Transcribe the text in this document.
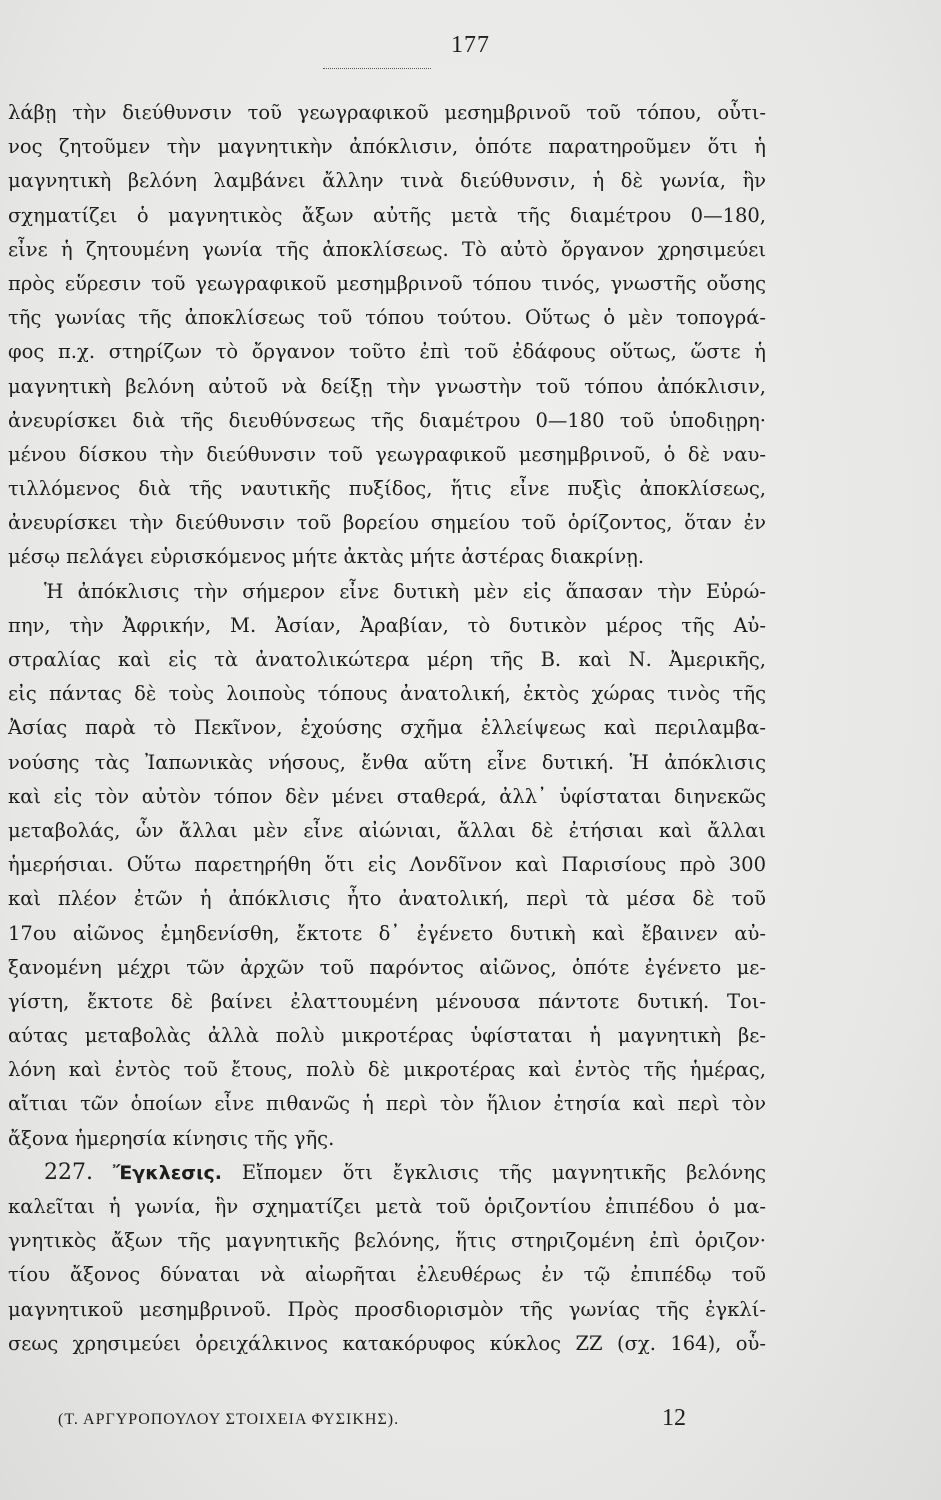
177
λάβῃ τὴν διεύθυνσιν τοῦ γεωγραφικοῦ μεσημβρινοῦ τοῦ τόπου, οὗτι-
νος ζητοῦμεν τὴν μαγνητικὴν ἀπόκλισιν, ὁπότε παρατηροῦμεν ὅτι ἡ
μαγνητικὴ βελόνη λαμβάνει ἄλλην τινὰ διεύθυνσιν, ἡ δὲ γωνία, ἣν
σχηματίζει ὁ μαγνητικὸς ἄξων αὐτῆς μετὰ τῆς διαμέτρου 0—180,
εἶνε ἡ ζητουμένη γωνία τῆς ἀποκλίσεως. Τὸ αὐτὸ ὄργανον χρησιμεύει
πρὸς εὕρεσιν τοῦ γεωγραφικοῦ μεσημβρινοῦ τόπου τινός, γνωστῆς οὔσης
τῆς γωνίας τῆς ἀποκλίσεως τοῦ τόπου τούτου. Οὕτως ὁ μὲν τοπογρά-
φος π.χ. στηρίζων τὸ ὄργανον τοῦτο ἐπὶ τοῦ ἐδάφους οὕτως, ὥστε ἡ
μαγνητικὴ βελόνη αὐτοῦ νὰ δείξῃ τὴν γνωστὴν τοῦ τόπου ἀπόκλισιν,
ἀνευρίσκει διὰ τῆς διευθύνσεως τῆς διαμέτρου 0—180 τοῦ ὑποδιῃρη·
μένου δίσκου τὴν διεύθυνσιν τοῦ γεωγραφικοῦ μεσημβρινοῦ, ὁ δὲ ναυ-
τιλλόμενος διὰ τῆς ναυτικῆς πυξίδος, ἥτις εἶνε πυξὶς ἀποκλίσεως,
ἀνευρίσκει τὴν διεύθυνσιν τοῦ βορείου σημείου τοῦ ὁρίζοντος, ὅταν ἐν
μέσῳ πελάγει εὑρισκόμενος μήτε ἀκτὰς μήτε ἀστέρας διακρίνῃ.
Ἡ ἀπόκλισις τὴν σήμερον εἶνε δυτικὴ μὲν εἰς ἅπασαν τὴν Εὐρώ-
πην, τὴν Ἀφρικήν, Μ. Ἀσίαν, Ἀραβίαν, τὸ δυτικὸν μέρος τῆς Αὐ-
στραλίας καὶ εἰς τὰ ἀνατολικώτερα μέρη τῆς Β. καὶ Ν. Ἀμερικῆς,
εἰς πάντας δὲ τοὺς λοιποὺς τόπους ἀνατολική, ἐκτὸς χώρας τινὸς τῆς
Ἀσίας παρὰ τὸ Πεκῖνον, ἐχούσης σχῆμα ἐλλείψεως καὶ περιλαμβα-
νούσης τὰς Ἰαπωνικὰς νήσους, ἔνθα αὕτη εἶνε δυτική. Ἡ ἀπόκλισις
καὶ εἰς τὸν αὐτὸν τόπον δὲν μένει σταθερά, ἀλλ᾽ ὑφίσταται διηνεκῶς
μεταβολάς, ὧν ἄλλαι μὲν εἶνε αἰώνιαι, ἄλλαι δὲ ἐτήσιαι καὶ ἄλλαι
ἡμερήσιαι. Οὕτω παρετηρήθη ὅτι εἰς Λονδῖνον καὶ Παρισίους πρὸ 300
καὶ πλέον ἐτῶν ἡ ἀπόκλισις ἦτο ἀνατολική, περὶ τὰ μέσα δὲ τοῦ
17ου αἰῶνος ἐμηδενίσθη, ἔκτοτε δ᾽ ἐγένετο δυτικὴ καὶ ἔβαινεν αὐ-
ξανομένη μέχρι τῶν ἀρχῶν τοῦ παρόντος αἰῶνος, ὁπότε ἐγένετο με-
γίστη, ἔκτοτε δὲ βαίνει ἐλαττουμένη μένουσα πάντοτε δυτική. Τοι-
αύτας μεταβολὰς ἀλλὰ πολὺ μικροτέρας ὑφίσταται ἡ μαγνητικὴ βε-
λόνη καὶ ἐντὸς τοῦ ἔτους, πολὺ δὲ μικροτέρας καὶ ἐντὸς τῆς ἡμέρας,
αἴτιαι τῶν ὁποίων εἶνε πιθανῶς ἡ περὶ τὸν ἥλιον ἐτησία καὶ περὶ τὸν
ἄξονα ἡμερησία κίνησις τῆς γῆς.
227. Ἔγκλεσις. Εἴπομεν ὅτι ἔγκλισις τῆς μαγνητικῆς βελόνης
καλεῖται ἡ γωνία, ἣν σχηματίζει μετὰ τοῦ ὁριζοντίου ἐπιπέδου ὁ μα-
γνητικὸς ἄξων τῆς μαγνητικῆς βελόνης, ἥτις στηριζομένη ἐπὶ ὁριζον·
τίου ἄξονος δύναται νὰ αἰωρῆται ἐλευθέρως ἐν τῷ ἐπιπέδῳ τοῦ
μαγνητικοῦ μεσημβρινοῦ. Πρὸς προσδιορισμὸν τῆς γωνίας τῆς ἐγκλί-
σεως χρησιμεύει ὀρειχάλκινος κατακόρυφος κύκλος ΖΖ (σχ. 164), οὗ-
(Τ. ΑΡΓΥΡΟΠΟΥΛΟΥ ΣΤΟΙΧΕΙΑ ΦΥΣΙΚΗΣ).	12
